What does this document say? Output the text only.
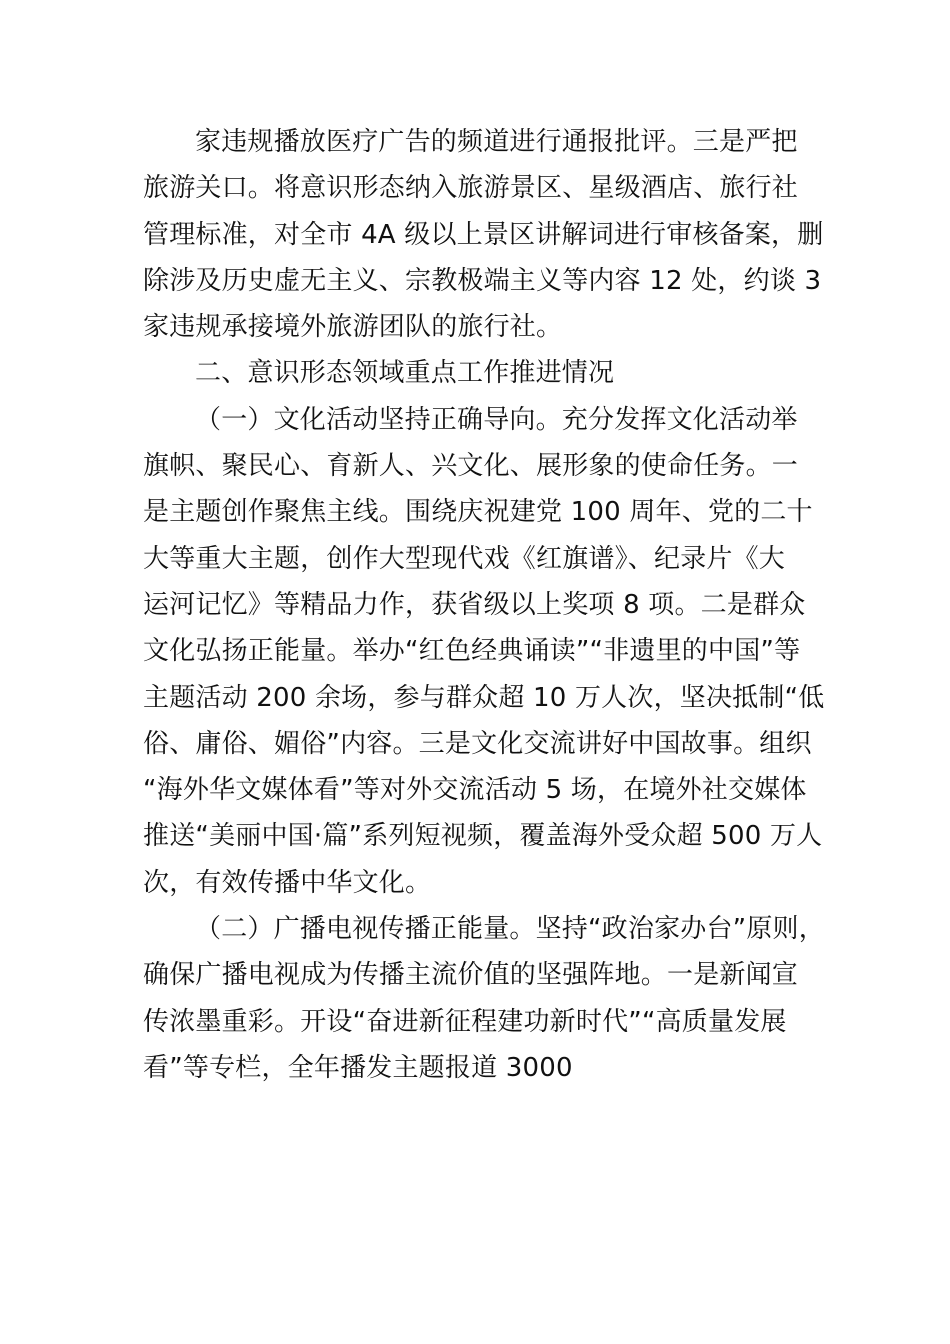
家违规播放医疗广告的频道进行通报批评。三是严把
旅游关口。将意识形态纳入旅游景区、星级酒店、旅行社
管理标准，对全市 4A 级以上景区讲解词进行审核备案，删
除涉及历史虚无主义、宗教极端主义等内容 12 处，约谈 3
家违规承接境外旅游团队的旅行社。
二、意识形态领域重点工作推进情况
（一）文化活动坚持正确导向。充分发挥文化活动举
旗帜、聚民心、育新人、兴文化、展形象的使命任务。一
是主题创作聚焦主线。围绕庆祝建党 100 周年、党的二十
大等重大主题，创作大型现代戏《红旗谱》、纪录片《大
运河记忆》等精品力作，获省级以上奖项 8 项。二是群众
文化弘扬正能量。举办“红色经典诵读”“非遗里的中国”等
主题活动 200 余场，参与群众超 10 万人次，坚决抵制“低
俗、庸俗、媚俗”内容。三是文化交流讲好中国故事。组织
“海外华文媒体看”等对外交流活动 5 场，在境外社交媒体
推送“美丽中国·篇”系列短视频，覆盖海外受众超 500 万人
次，有效传播中华文化。
（二）广播电视传播正能量。坚持“政治家办台”原则，
确保广播电视成为传播主流价值的坚强阵地。一是新闻宣
传浓墨重彩。开设“奋进新征程建功新时代”“高质量发展
看”等专栏，全年播发主题报道 3000
